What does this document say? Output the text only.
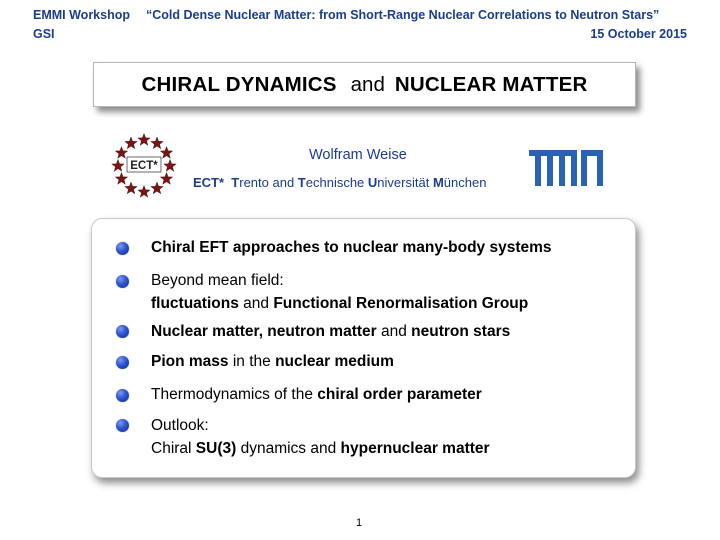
EMMI Workshop “Cold Dense Nuclear Matter: from Short-Range Nuclear Correlations to Neutron Stars”
GSI	15 October 2015
CHIRAL DYNAMICS and NUCLEAR MATTER
ECT*
Wolfram Weise
ECT* Trento and Technische Universität München
Chiral EFT approaches to nuclear many-body systems
Beyond mean field:
fluctuations and Functional Renormalisation Group
Nuclear matter, neutron matter and neutron stars
Pion mass in the nuclear medium
Thermodynamics of the chiral order parameter
Outlook:
Chiral SU(3) dynamics and hypernuclear matter
1
